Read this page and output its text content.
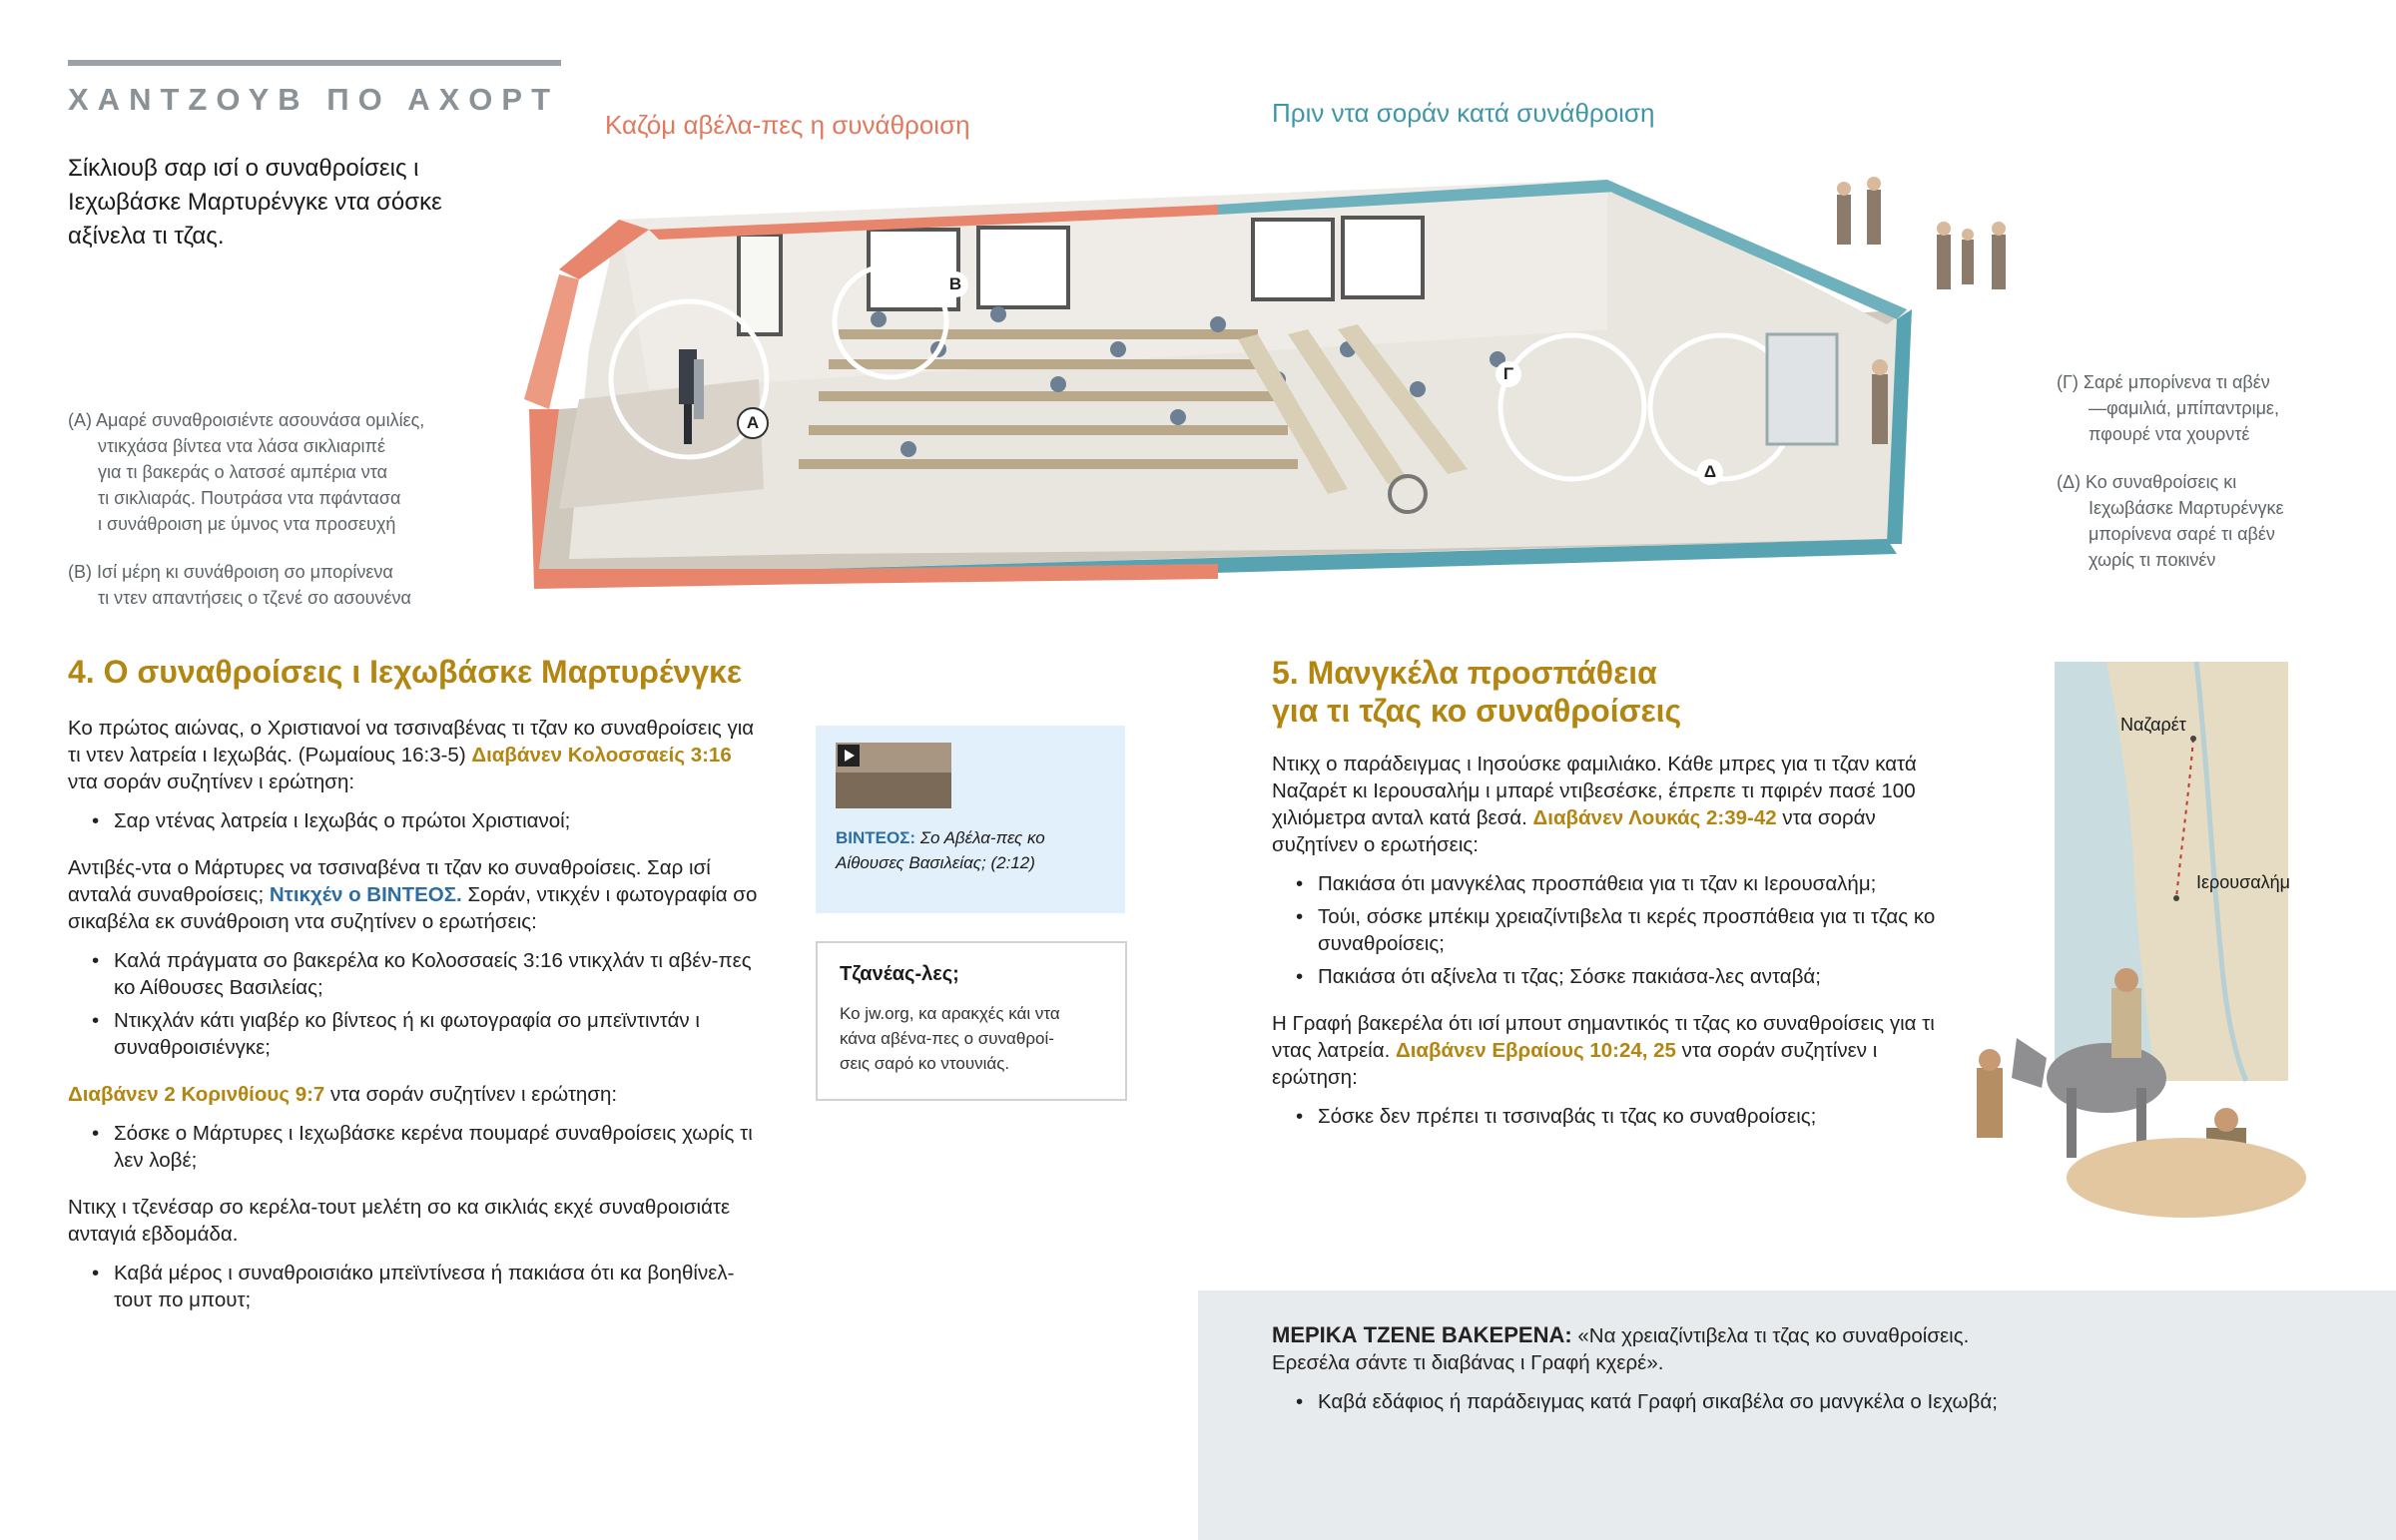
ΧΑΝΤΖΟΥΒ ΠΟ ΑΧΟΡΤ
Σίκλιουβ σαρ ισί ο συναθροίσεις ι Ιεχωβάσκε Μαρτυρένγκε ντα σόσκε αξίνελα τι τζας.
Καζόμ αβέλα-πες η συνάθροιση	Πριν ντα σοράν κατά συνάθροιση
Α
Β
Γ
Δ
(Α) Αμαρέ συναθροισιέντε ασουνάσα ομιλίες,
ντικχάσα βίντεα ντα λάσα σικλιαριπέ
για τι βακεράς ο λατσσέ αμπέρια ντα
τι σικλιαράς. Πουτράσα ντα πφάντασα
ι συνάθροιση με ύμνος ντα προσευχή
(Β) Ισί μέρη κι συνάθροιση σο μπορίνενα
τι ντεν απαντήσεις ο τζενέ σο ασουνένα
(Γ) Σαρέ μπορίνενα τι αβέν
—φαμιλιά, μπίπαντριμε,
πφουρέ ντα χουρντέ
(Δ) Κο συναθροίσεις κι
Ιεχωβάσκε Μαρτυρένγκε
μπορίνενα σαρέ τι αβέν
χωρίς τι πокινέν
4. Ο συναθροίσεις ι Ιεχωβάσκε Μαρτυρένγκε
Κο πρώτος αιώνας, ο Χριστιανοί να τσσιναβένας τι τζαν κο συναθροίσεις για τι ντεν λατρεία ι Ιεχωβάς. (Ρωμαίους 16:3-5) Διαβάνεν Κολοσσαείς 3:16 ντα σοράν συζητίνεν ι ερώτηση:
• Σαρ ντένας λατρεία ι Ιεχωβάς ο πρώτοι Χριστιανοί;
Αντιβές-ντα ο Μάρτυρες να τσσιναβένα τι τζαν κο συναθροίσεις. Σαρ ισί ανταλά συναθροίσεις; Ντικχέν ο ΒΙΝΤΕΟΣ. Σοράν, ντικχέν ι φωτογραφία σο σικαβέλα εκ συνάθροιση ντα συζητίνεν ο ερωτήσεις:
• Καλά πράγματα σο βακερέλα κο Κολοσσαείς 3:16 ντικχλάν τι αβέν-πες κο Αίθουσες Βασιλείας;
• Ντικχλάν κάτι γιαβέρ κο βίντεος ή κι φωτογραφία σο μπεϊντιντάν ι συναθροισιένγκε;
Διαβάνεν 2 Κορινθίους 9:7 ντα σοράν συζητίνεν ι ερώτηση:
• Σόσκε ο Μάρτυρες ι Ιεχωβάσκε κερένα πουμαρέ συναθροίσεις χωρίς τι λεν λοβέ;
Ντικχ ι τζενέσαρ σο κερέλα-τουτ μελέτη σο κα σικλιάς εκχέ συναθροισιάτε ανταγιά εβδομάδα.
• Καβά μέρος ι συναθροισιάκο μπεϊντίνεσα ή πακιάσα ότι κα βοηθίνελ-τουτ πο μπουτ;
ΒΙΝΤΕΟΣ: Σο Αβέλα-πες κο
Αίθουσες Βασιλείας; (2:12)
Τζανέας-λες;
Κο jw.org, κα αρακχές κάι ντα
κάνα αβένα-πες ο συναθροί-
σεις σαρό κο ντουνιάς.
5. Μανγκέλα προσπάθεια
για τι τζας κο συναθροίσεις
Ντικχ ο παράδειγμας ι Ιησούσκε φαμιλιάκο. Κάθε μπρες για τι τζαν κατά Ναζαρέτ κι Ιερουσαλήμ ι μπαρέ ντιβεσέσκε, έπρεπε τι πφιρέν πασέ 100 χιλιόμετρα ανταλ κατά βεσά. Διαβάνεν Λουκάς 2:39-42 ντα σοράν συζητίνεν ο ερωτήσεις:
• Πακιάσα ότι μανγκέλας προσπάθεια για τι τζαν κι Ιερουσαλήμ;
• Τούι, σόσκε μπέκιμ χρειαζίντιβελα τι κερές προσπάθεια για τι τζας κο συναθροίσεις;
• Πακιάσα ότι αξίνελα τι τζας; Σόσκε πακιάσα-λες ανταβά;
Η Γραφή βακερέλα ότι ισί μπουτ σημαντικός τι τζας κο συναθροίσεις για τι ντας λατρεία. Διαβάνεν Εβραίους 10:24, 25 ντα σοράν συζητίνεν ι ερώτηση:
• Σόσκε δεν πρέπει τι τσσιναβάς τι τζας κο συναθροίσεις;
Ναζαρέτ
Ιερουσαλήμ
ΜΕΡΙΚΑ ΤΖΕΝΕ ΒΑΚΕΡΕΝΑ: «Να χρειαζίντιβελα τι τζας κο συναθροίσεις.
Ερεσέλα σάντε τι διαβάνας ι Γραφή κχερέ».
• Καβά εδάφιος ή παράδειγμας κατά Γραφή σικαβέλα σο μανγκέλα ο Ιεχωβά;
